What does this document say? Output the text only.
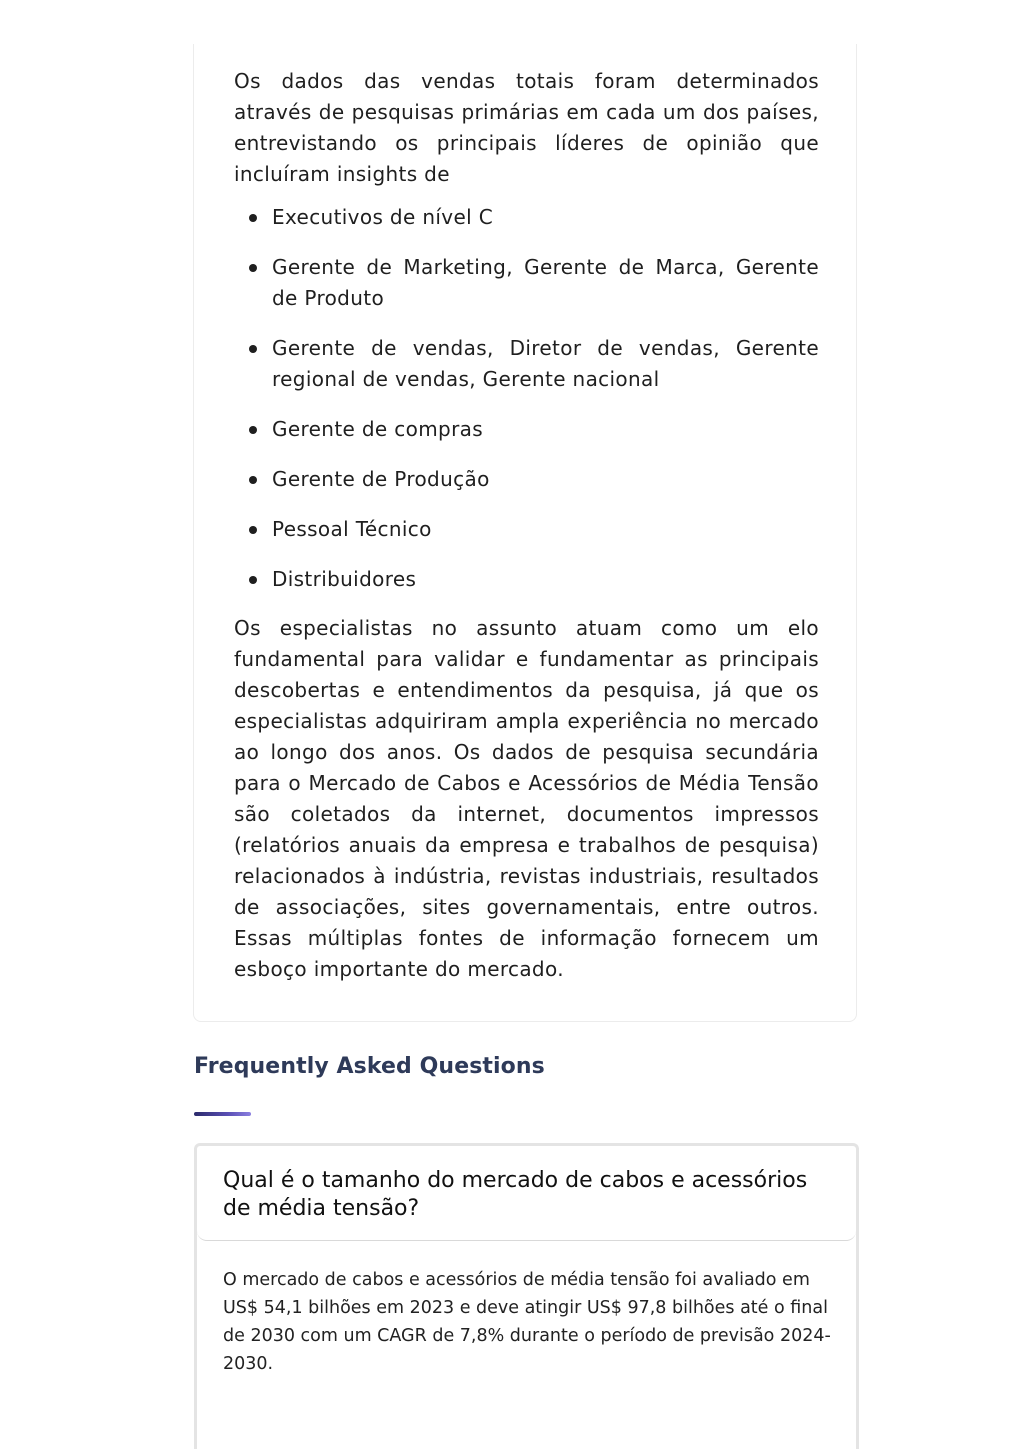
Os dados das vendas totais foram determinados através de pesquisas primárias em cada um dos países, entrevistando os principais líderes de opinião que incluíram insights de

Executivos de nível C
Gerente de Marketing, Gerente de Marca, Gerente de Produto
Gerente de vendas, Diretor de vendas, Gerente regional de vendas, Gerente nacional
Gerente de compras
Gerente de Produção
Pessoal Técnico
Distribuidores

Os especialistas no assunto atuam como um elo fundamental para validar e fundamentar as principais descobertas e entendimentos da pesquisa, já que os especialistas adquiriram ampla experiência no mercado ao longo dos anos. Os dados de pesquisa secundária para o Mercado de Cabos e Acessórios de Média Tensão são coletados da internet, documentos impressos (relatórios anuais da empresa e trabalhos de pesquisa) relacionados à indústria, revistas industriais, resultados de associações, sites governamentais, entre outros. Essas múltiplas fontes de informação fornecem um esboço importante do mercado.

Frequently Asked Questions

Qual é o tamanho do mercado de cabos e acessórios de média tensão?

O mercado de cabos e acessórios de média tensão foi avaliado em US$ 54,1 bilhões em 2023 e deve atingir US$ 97,8 bilhões até o final de 2030 com um CAGR de 7,8% durante o período de previsão 2024-2030.
